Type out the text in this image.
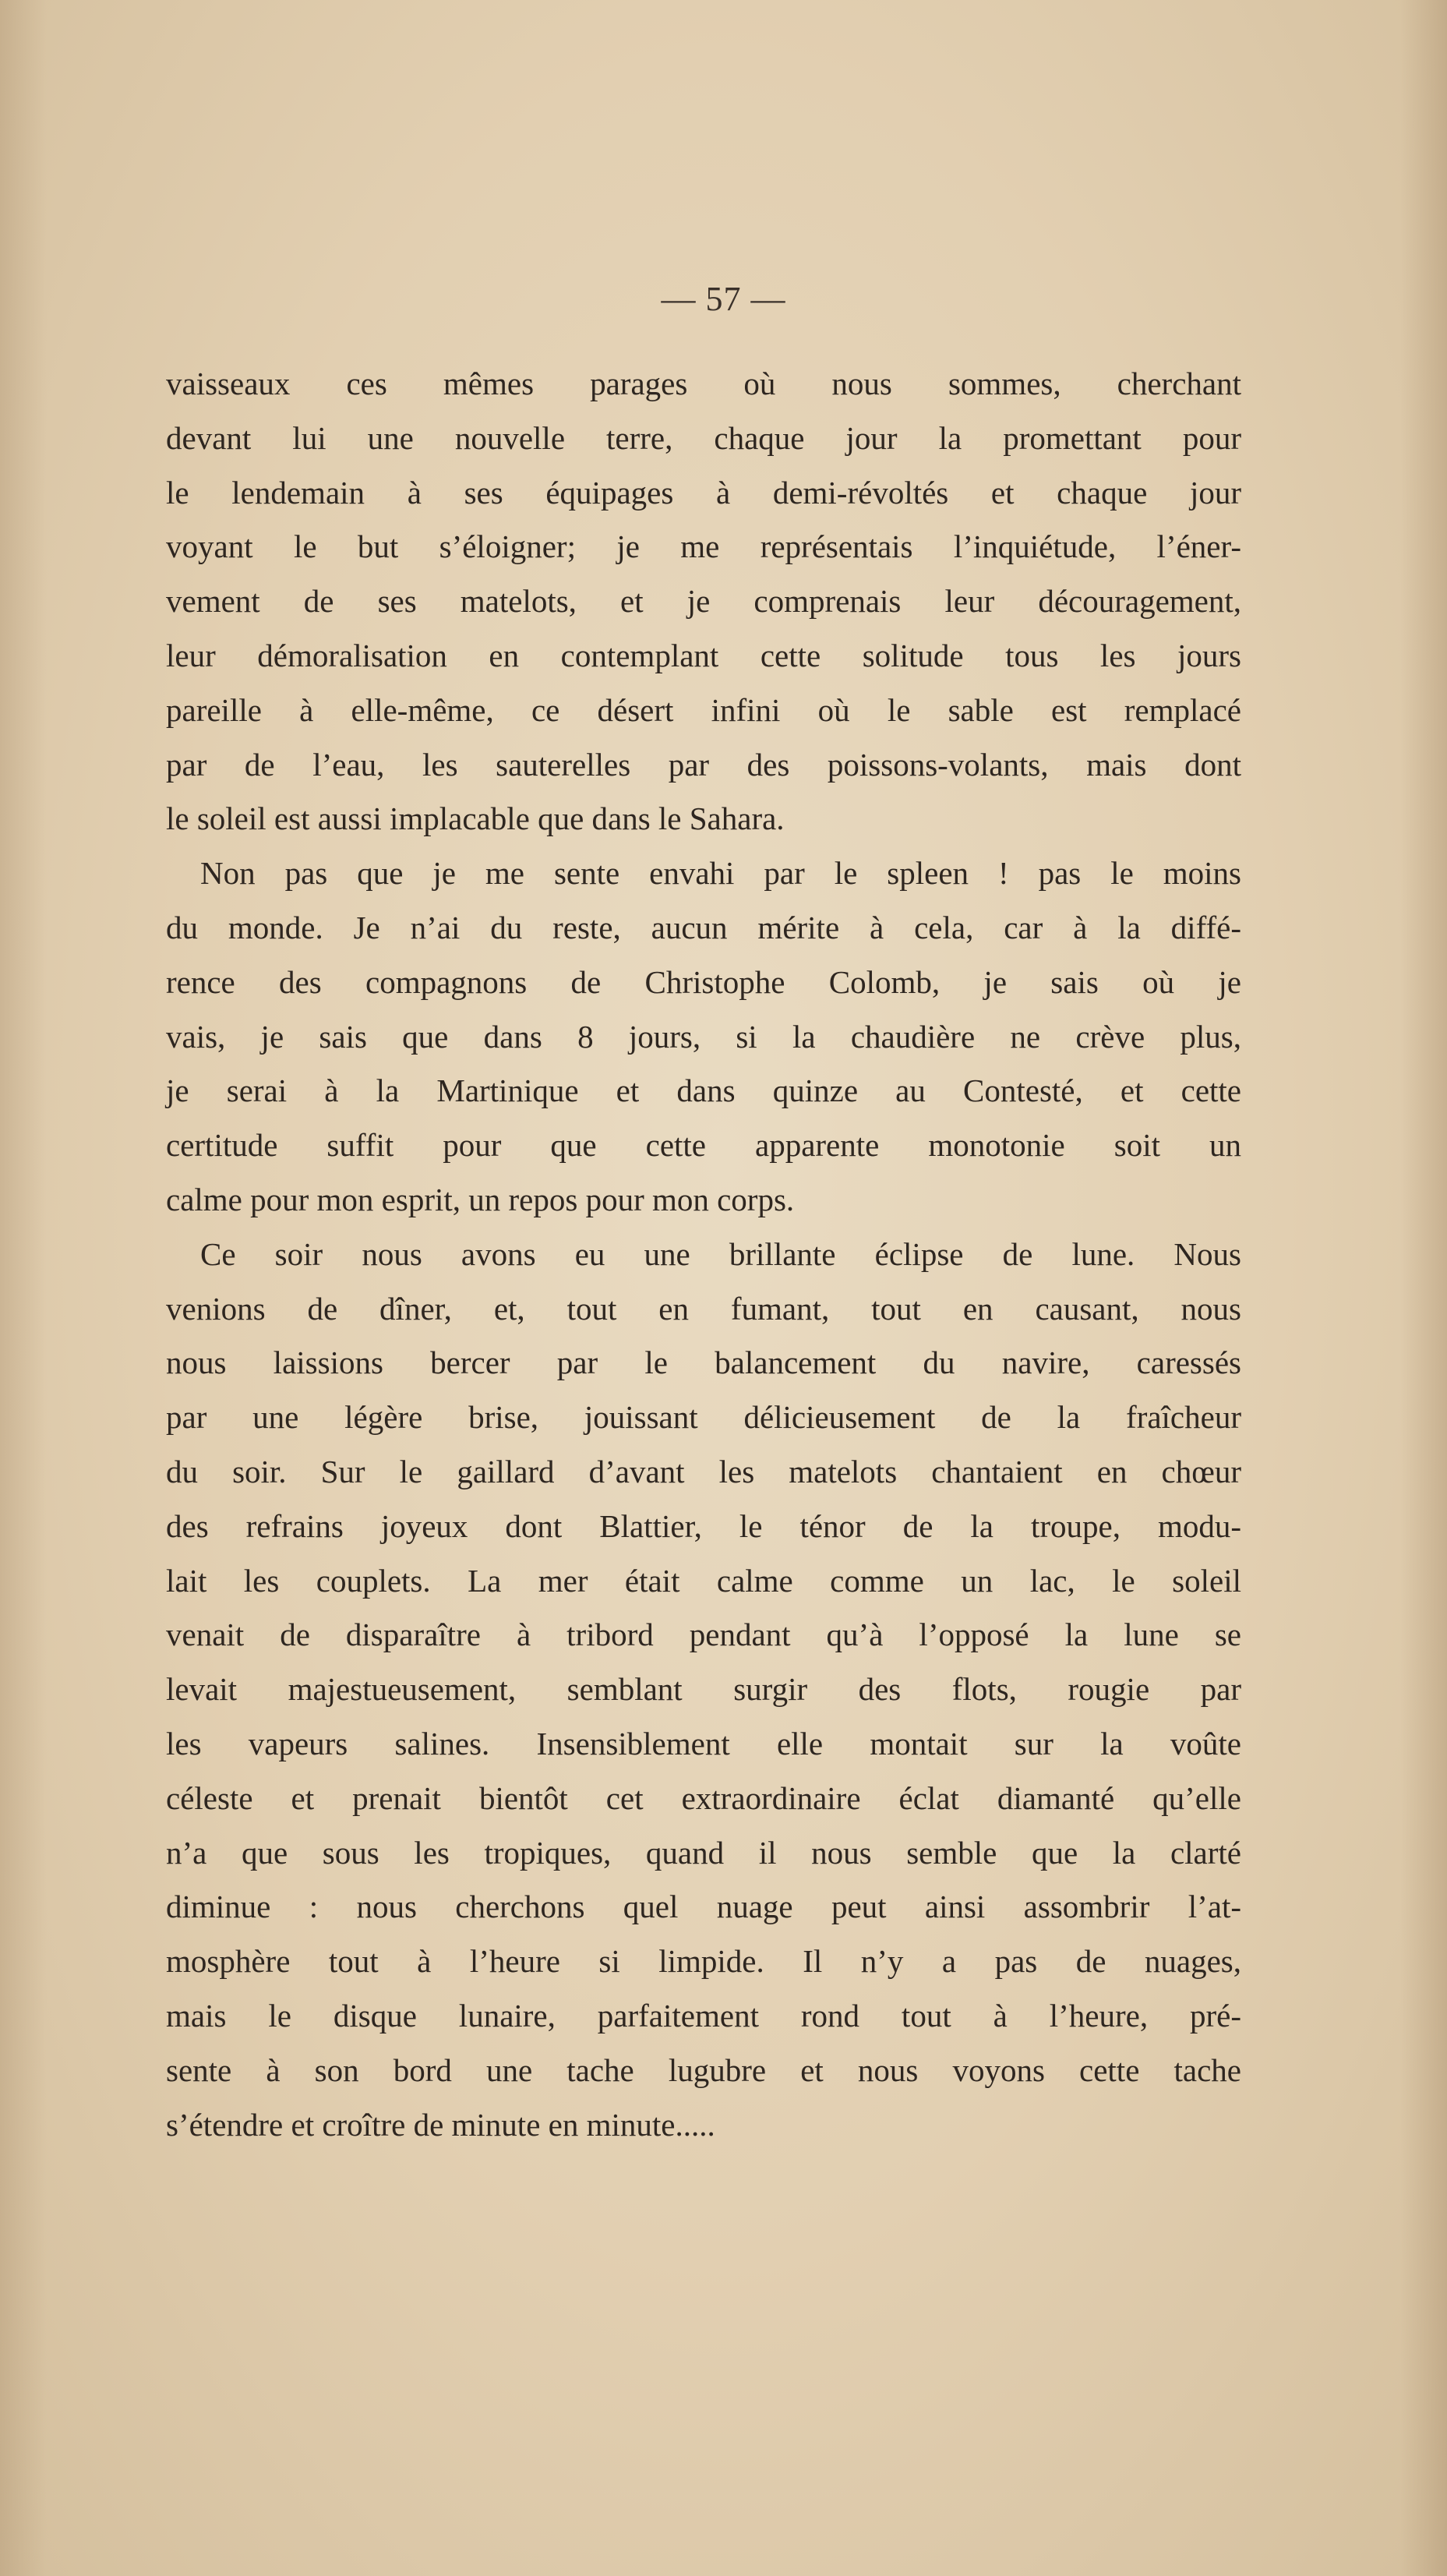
— 57 —
vaisseaux ces mêmes parages où nous sommes, cherchant
devant lui une nouvelle terre, chaque jour la promettant pour
le lendemain à ses équipages à demi-révoltés et chaque jour
voyant le but s’éloigner; je me représentais l’inquiétude, l’éner-
vement de ses matelots, et je comprenais leur découragement,
leur démoralisation en contemplant cette solitude tous les jours
pareille à elle-même, ce désert infini où le sable est remplacé
par de l’eau, les sauterelles par des poissons-volants, mais dont
le soleil est aussi implacable que dans le Sahara.
Non pas que je me sente envahi par le spleen ! pas le moins
du monde. Je n’ai du reste, aucun mérite à cela, car à la diffé-
rence des compagnons de Christophe Colomb, je sais où je
vais, je sais que dans 8 jours, si la chaudière ne crève plus,
je serai à la Martinique et dans quinze au Contesté, et cette
certitude suffit pour que cette apparente monotonie soit un
calme pour mon esprit, un repos pour mon corps.
Ce soir nous avons eu une brillante éclipse de lune. Nous
venions de dîner, et, tout en fumant, tout en causant, nous
nous laissions bercer par le balancement du navire, caressés
par une légère brise, jouissant délicieusement de la fraîcheur
du soir. Sur le gaillard d’avant les matelots chantaient en chœur
des refrains joyeux dont Blattier, le ténor de la troupe, modu-
lait les couplets. La mer était calme comme un lac, le soleil
venait de disparaître à tribord pendant qu’à l’opposé la lune se
levait majestueusement, semblant surgir des flots, rougie par
les vapeurs salines. Insensiblement elle montait sur la voûte
céleste et prenait bientôt cet extraordinaire éclat diamanté qu’elle
n’a que sous les tropiques, quand il nous semble que la clarté
diminue : nous cherchons quel nuage peut ainsi assombrir l’at-
mosphère tout à l’heure si limpide. Il n’y a pas de nuages,
mais le disque lunaire, parfaitement rond tout à l’heure, pré-
sente à son bord une tache lugubre et nous voyons cette tache
s’étendre et croître de minute en minute.....
